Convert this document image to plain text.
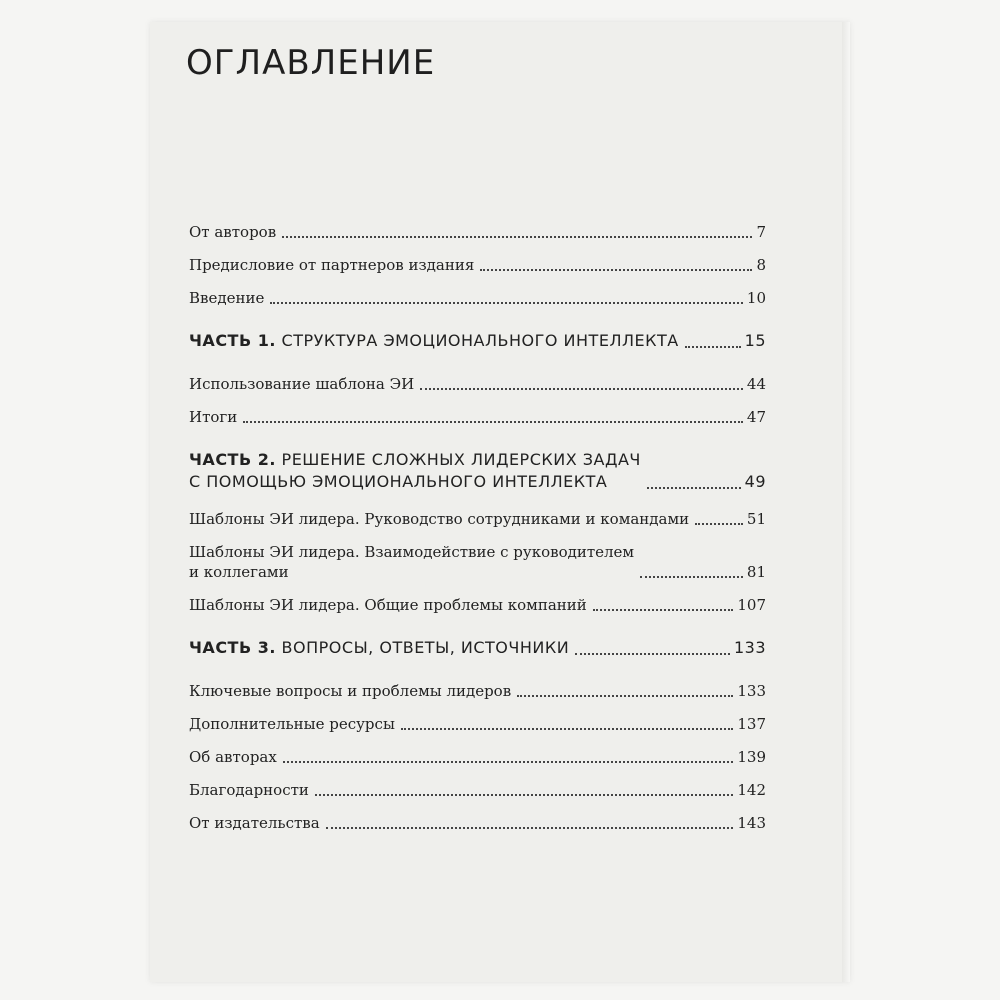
ОГЛАВЛЕНИЕ
От авторов	7
Предисловие от партнеров издания	8
Введение	10
ЧАСТЬ 1. СТРУКТУРА ЭМОЦИОНАЛЬНОГО ИНТЕЛЛЕКТА	15
Использование шаблона ЭИ	44
Итоги	47
ЧАСТЬ 2. РЕШЕНИЕ СЛОЖНЫХ ЛИДЕРСКИХ ЗАДАЧ
С ПОМОЩЬЮ ЭМОЦИОНАЛЬНОГО ИНТЕЛЛЕКТА	49
Шаблоны ЭИ лидера. Руководство сотрудниками и командами	51
Шаблоны ЭИ лидера. Взаимодействие с руководителем
и коллегами	81
Шаблоны ЭИ лидера. Общие проблемы компаний	107
ЧАСТЬ 3. ВОПРОСЫ, ОТВЕТЫ, ИСТОЧНИКИ	133
Ключевые вопросы и проблемы лидеров	133
Дополнительные ресурсы	137
Об авторах	139
Благодарности	142
От издательства	143
